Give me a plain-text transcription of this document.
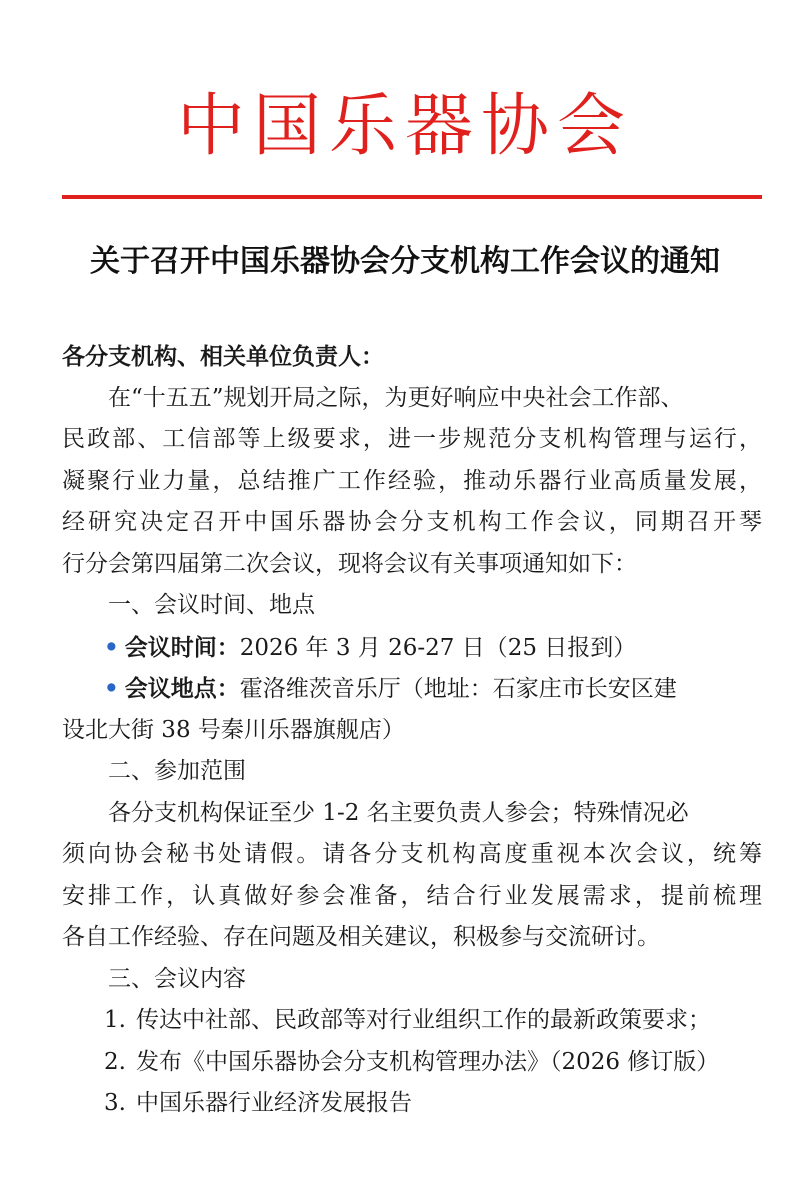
中国乐器协会
关于召开中国乐器协会分支机构工作会议的通知
各分支机构、相关单位负责人：
在“十五五”规划开局之际，为更好响应中央社会工作部、
民政部、工信部等上级要求，进一步规范分支机构管理与运行，
凝聚行业力量，总结推广工作经验，推动乐器行业高质量发展，
经研究决定召开中国乐器协会分支机构工作会议，同期召开琴
行分会第四届第二次会议，现将会议有关事项通知如下：
一、会议时间、地点
• 会议时间：2026 年 3 月 26-27 日（25 日报到）
• 会议地点：霍洛维茨音乐厅（地址：石家庄市长安区建
设北大街 38 号秦川乐器旗舰店）
二、参加范围
各分支机构保证至少 1-2 名主要负责人参会；特殊情况必
须向协会秘书处请假。请各分支机构高度重视本次会议，统筹
安排工作，认真做好参会准备，结合行业发展需求，提前梳理
各自工作经验、存在问题及相关建议，积极参与交流研讨。
三、会议内容
1. 传达中社部、民政部等对行业组织工作的最新政策要求；
2. 发布《中国乐器协会分支机构管理办法》（2026 修订版）
3. 中国乐器行业经济发展报告
